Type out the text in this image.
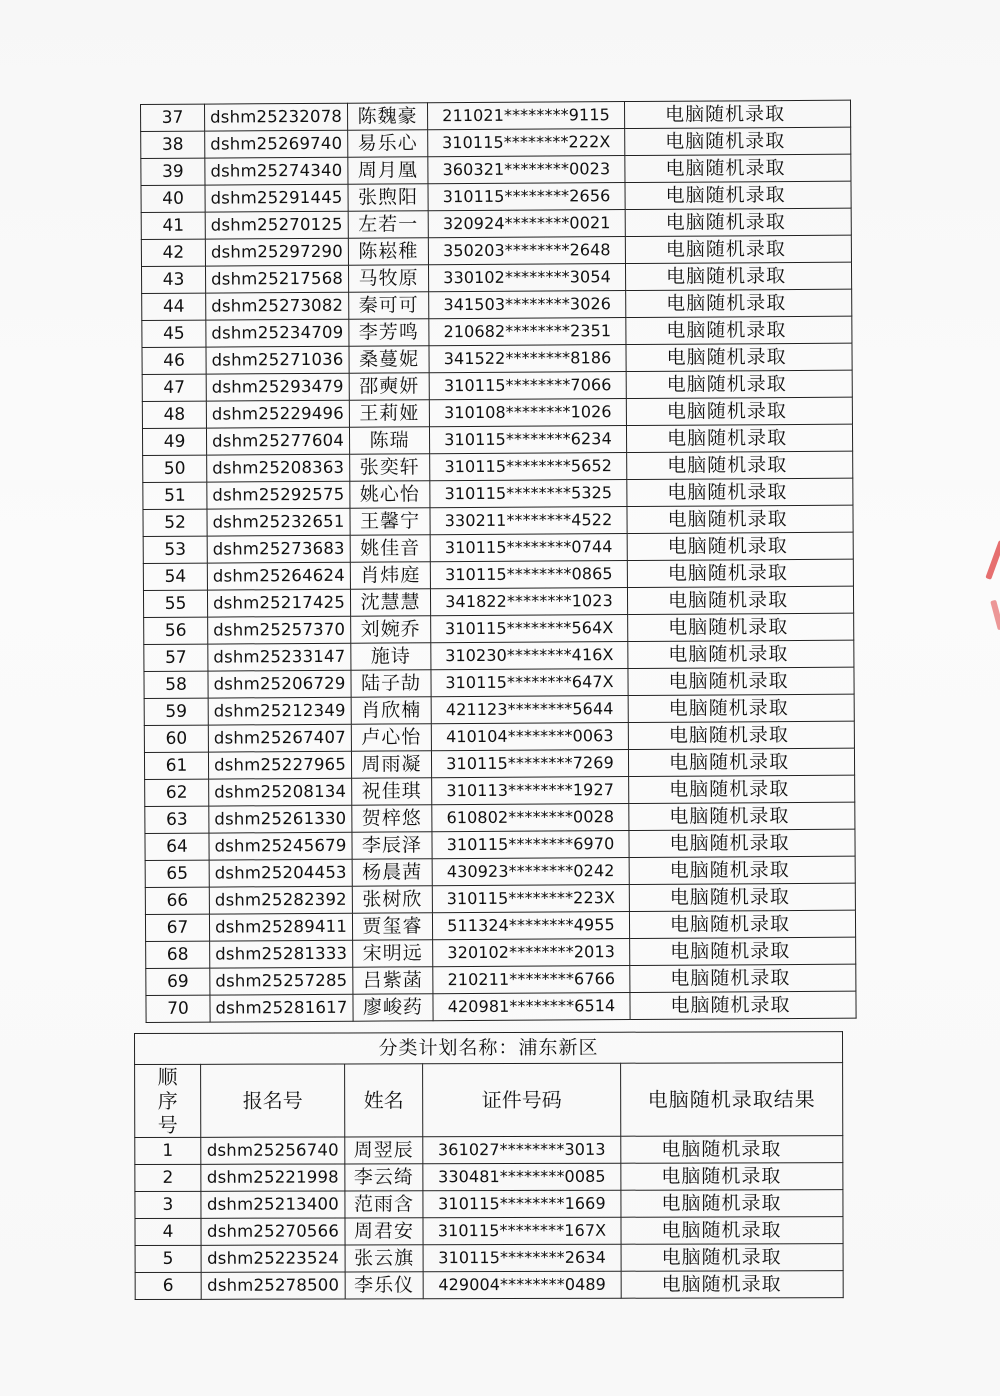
37	dshm25232078	陈魏豪	211021********9115	电脑随机录取
38	dshm25269740	易乐心	310115********222X	电脑随机录取
39	dshm25274340	周月凰	360321********0023	电脑随机录取
40	dshm25291445	张煦阳	310115********2656	电脑随机录取
41	dshm25270125	左若一	320924********0021	电脑随机录取
42	dshm25297290	陈崧稚	350203********2648	电脑随机录取
43	dshm25217568	马牧原	330102********3054	电脑随机录取
44	dshm25273082	秦可可	341503********3026	电脑随机录取
45	dshm25234709	李芳鸣	210682********2351	电脑随机录取
46	dshm25271036	桑蔓妮	341522********8186	电脑随机录取
47	dshm25293479	邵奭妍	310115********7066	电脑随机录取
48	dshm25229496	王莉娅	310108********1026	电脑随机录取
49	dshm25277604	陈瑞	310115********6234	电脑随机录取
50	dshm25208363	张奕轩	310115********5652	电脑随机录取
51	dshm25292575	姚心怡	310115********5325	电脑随机录取
52	dshm25232651	王馨宁	330211********4522	电脑随机录取
53	dshm25273683	姚佳音	310115********0744	电脑随机录取
54	dshm25264624	肖炜庭	310115********0865	电脑随机录取
55	dshm25217425	沈慧慧	341822********1023	电脑随机录取
56	dshm25257370	刘婉乔	310115********564X	电脑随机录取
57	dshm25233147	施诗	310230********416X	电脑随机录取
58	dshm25206729	陆子劼	310115********647X	电脑随机录取
59	dshm25212349	肖欣楠	421123********5644	电脑随机录取
60	dshm25267407	卢心怡	410104********0063	电脑随机录取
61	dshm25227965	周雨凝	310115********7269	电脑随机录取
62	dshm25208134	祝佳琪	310113********1927	电脑随机录取
63	dshm25261330	贺梓悠	610802********0028	电脑随机录取
64	dshm25245679	李辰泽	310115********6970	电脑随机录取
65	dshm25204453	杨晨茜	430923********0242	电脑随机录取
66	dshm25282392	张树欣	310115********223X	电脑随机录取
67	dshm25289411	贾玺睿	511324********4955	电脑随机录取
68	dshm25281333	宋明远	320102********2013	电脑随机录取
69	dshm25257285	吕紫菡	210211********6766	电脑随机录取
70	dshm25281617	廖峻药	420981********6514	电脑随机录取
分类计划名称：浦东新区				
顺序号	报名号	姓名	证件号码	电脑随机录取结果
1	dshm25256740	周翌辰	361027********3013	电脑随机录取
2	dshm25221998	李云绮	330481********0085	电脑随机录取
3	dshm25213400	范雨含	310115********1669	电脑随机录取
4	dshm25270566	周君安	310115********167X	电脑随机录取
5	dshm25223524	张云旗	310115********2634	电脑随机录取
6	dshm25278500	李乐仪	429004********0489	电脑随机录取
